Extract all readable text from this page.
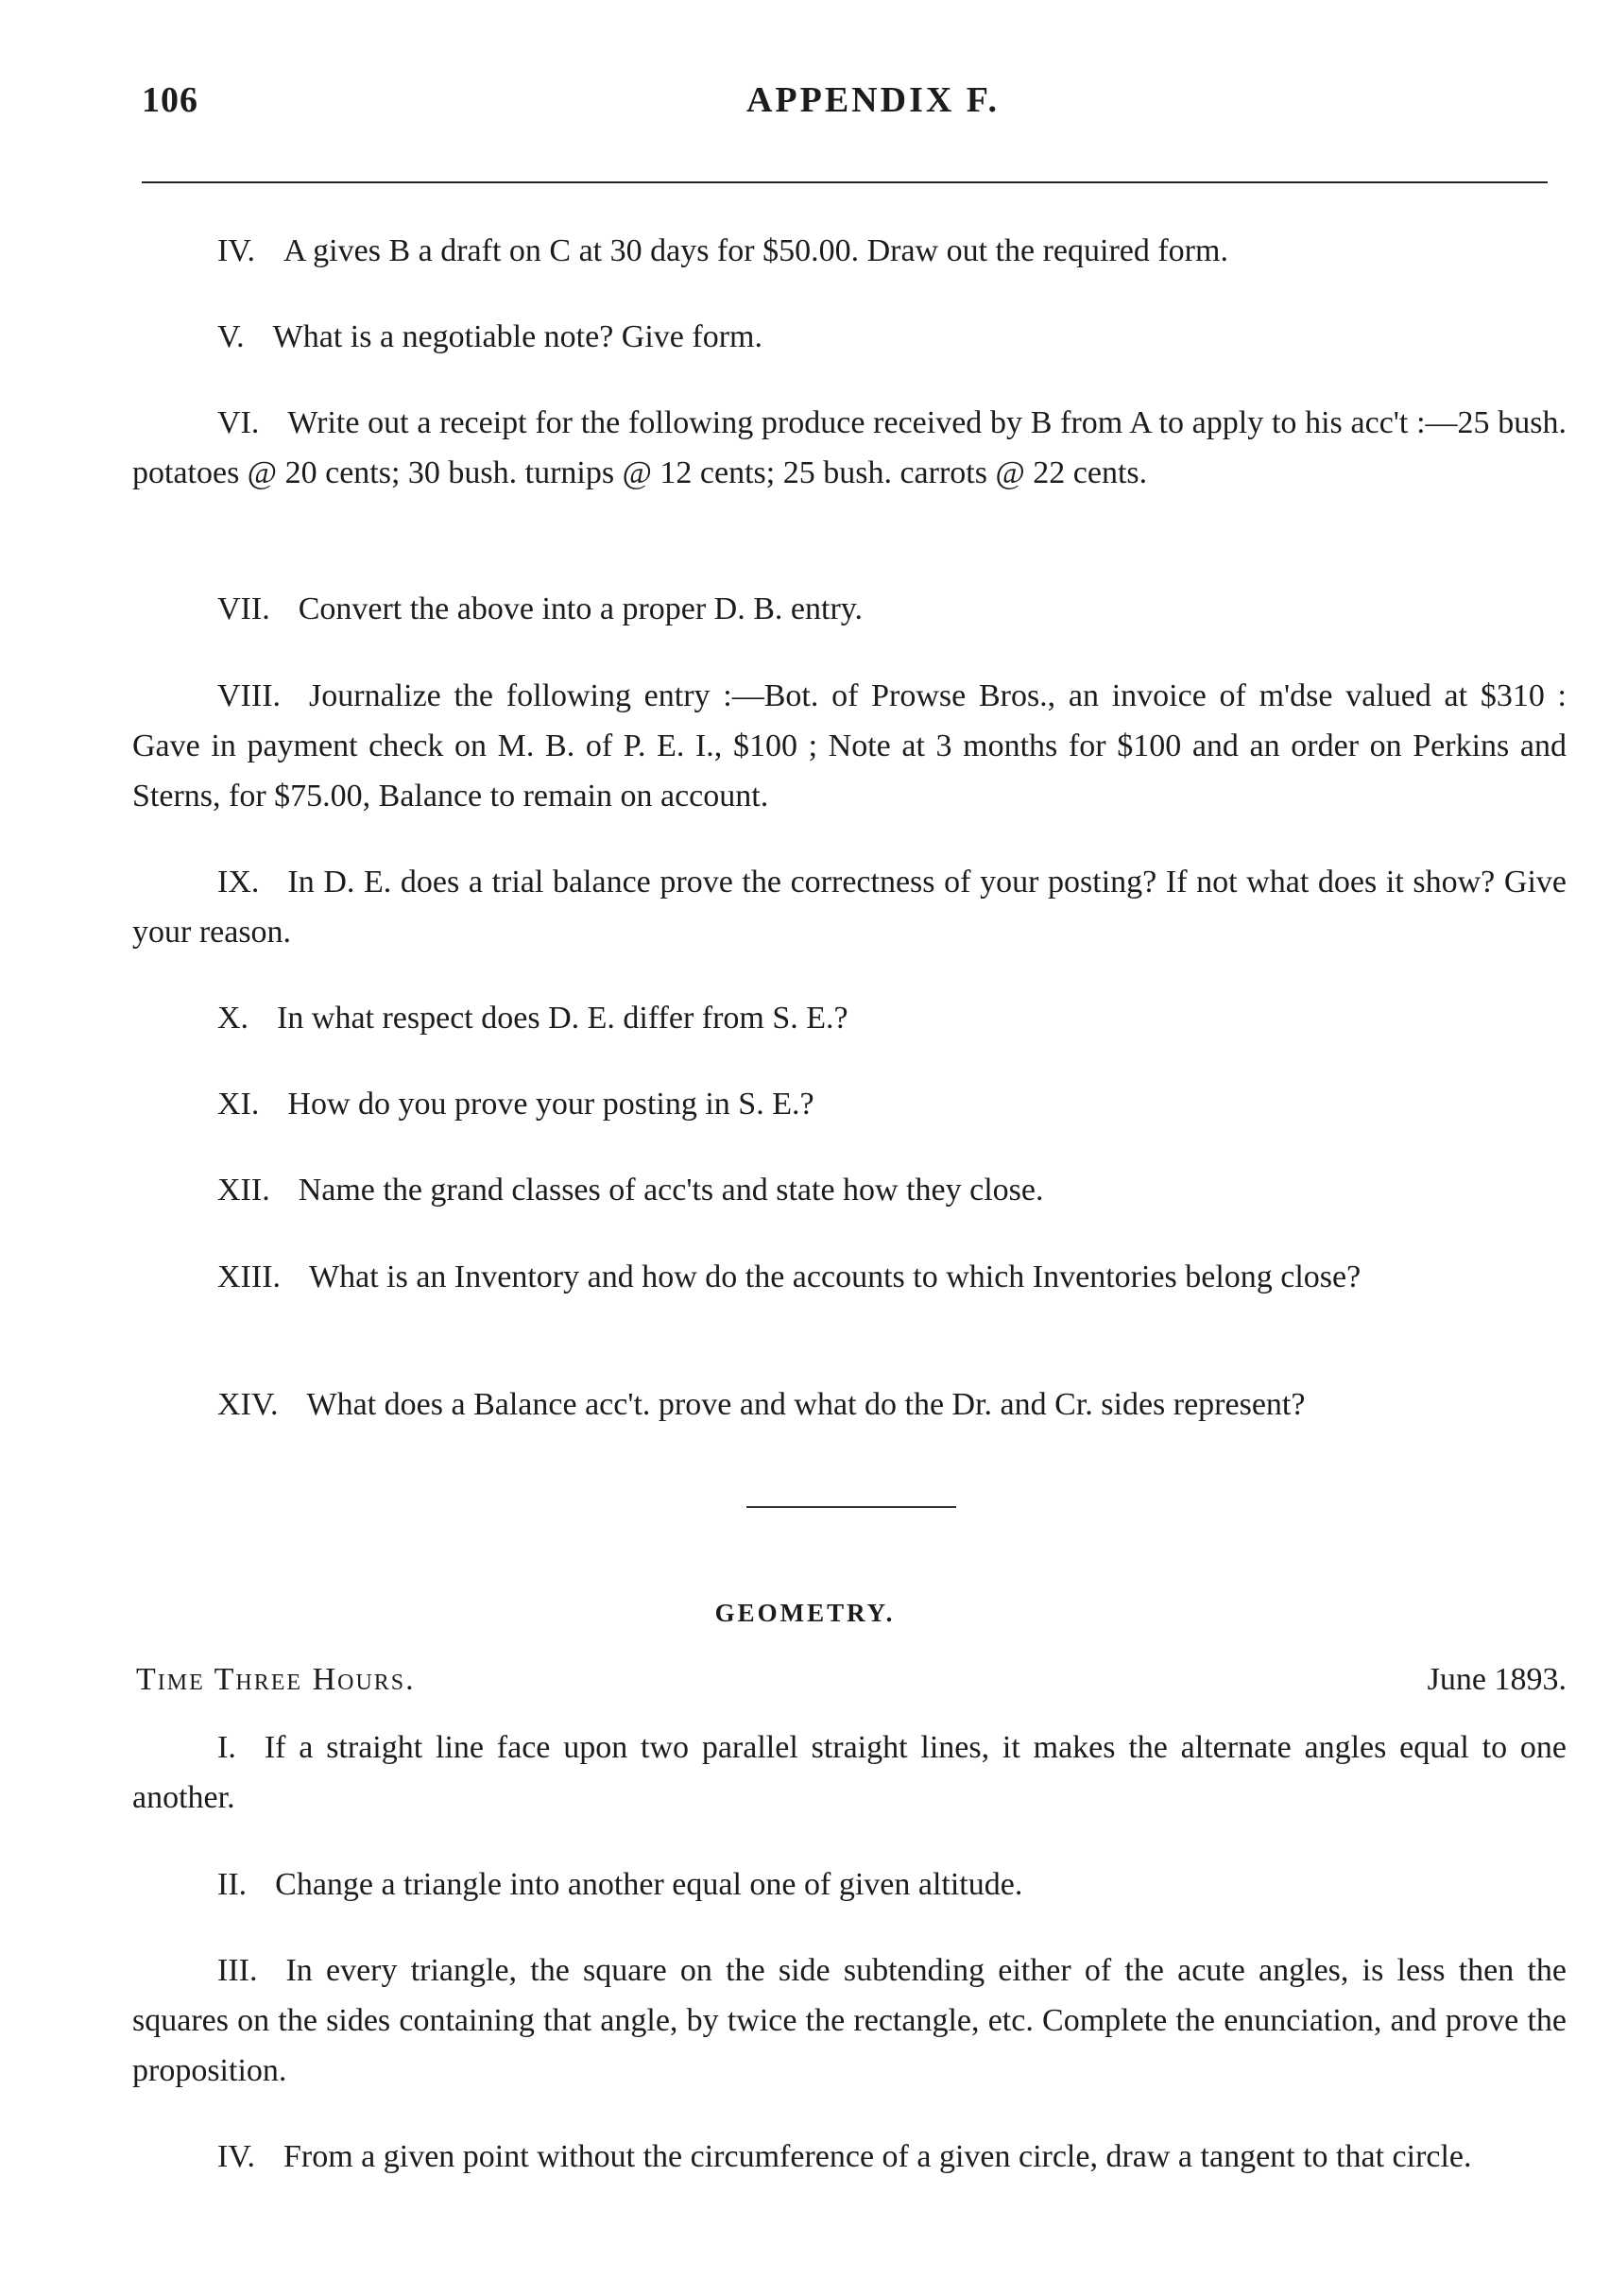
106	APPENDIX F.
IV. A gives B a draft on C at 30 days for $50.00. Draw out the required form.
V. What is a negotiable note? Give form.
VI. Write out a receipt for the following produce received by B from A to apply to his acc't :—25 bush. potatoes @ 20 cents; 30 bush. turnips @ 12 cents; 25 bush. carrots @ 22 cents.
VII. Convert the above into a proper D. B. entry.
VIII. Journalize the following entry :—Bot. of Prowse Bros., an invoice of m'dse valued at $310 : Gave in payment check on M. B. of P. E. I., $100 ; Note at 3 months for $100 and an order on Perkins and Sterns, for $75.00, Balance to remain on account.
IX. In D. E. does a trial balance prove the correctness of your posting? If not what does it show? Give your reason.
X. In what respect does D. E. differ from S. E.?
XI. How do you prove your posting in S. E.?
XII. Name the grand classes of acc'ts and state how they close.
XIII. What is an Inventory and how do the accounts to which Inventories belong close?
XIV. What does a Balance acc't. prove and what do the Dr. and Cr. sides represent?
GEOMETRY.
Time Three Hours.	June 1893.
I. If a straight line face upon two parallel straight lines, it makes the alternate angles equal to one another.
II. Change a triangle into another equal one of given altitude.
III. In every triangle, the square on the side subtending either of the acute angles, is less then the squares on the sides containing that angle, by twice the rectangle, etc. Complete the enunciation, and prove the proposition.
IV. From a given point without the circumference of a given circle, draw a tangent to that circle.
